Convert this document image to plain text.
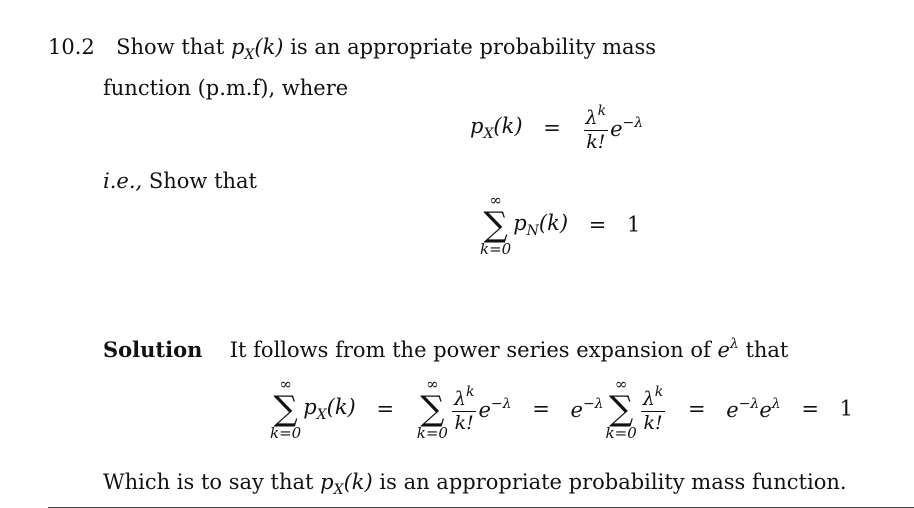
10.2 Show that $p_X(k)$ is an appropriate probability mass
function (p.m.f), where
$p_X(k) = \frac{\lambda^k}{k!} e^{-\lambda}$
i.e., Show that
∞
∑
k=0
$p_N(k) = 1$
Solution It follows from the power series expansion of $e^\lambda$ that
∞
∑
k=0
$p_X(k)$ =
∞
∑
$k=0 \frac{\lambda^k}{k!} e^{-\lambda} = e^{-\lambda}$
∞
∑
$k=0 \frac{\lambda^k}{k!} = e^{-\lambda}e^\lambda = 1$
Which is to say that $p_X(k)$ is an appropriate probability mass function.
